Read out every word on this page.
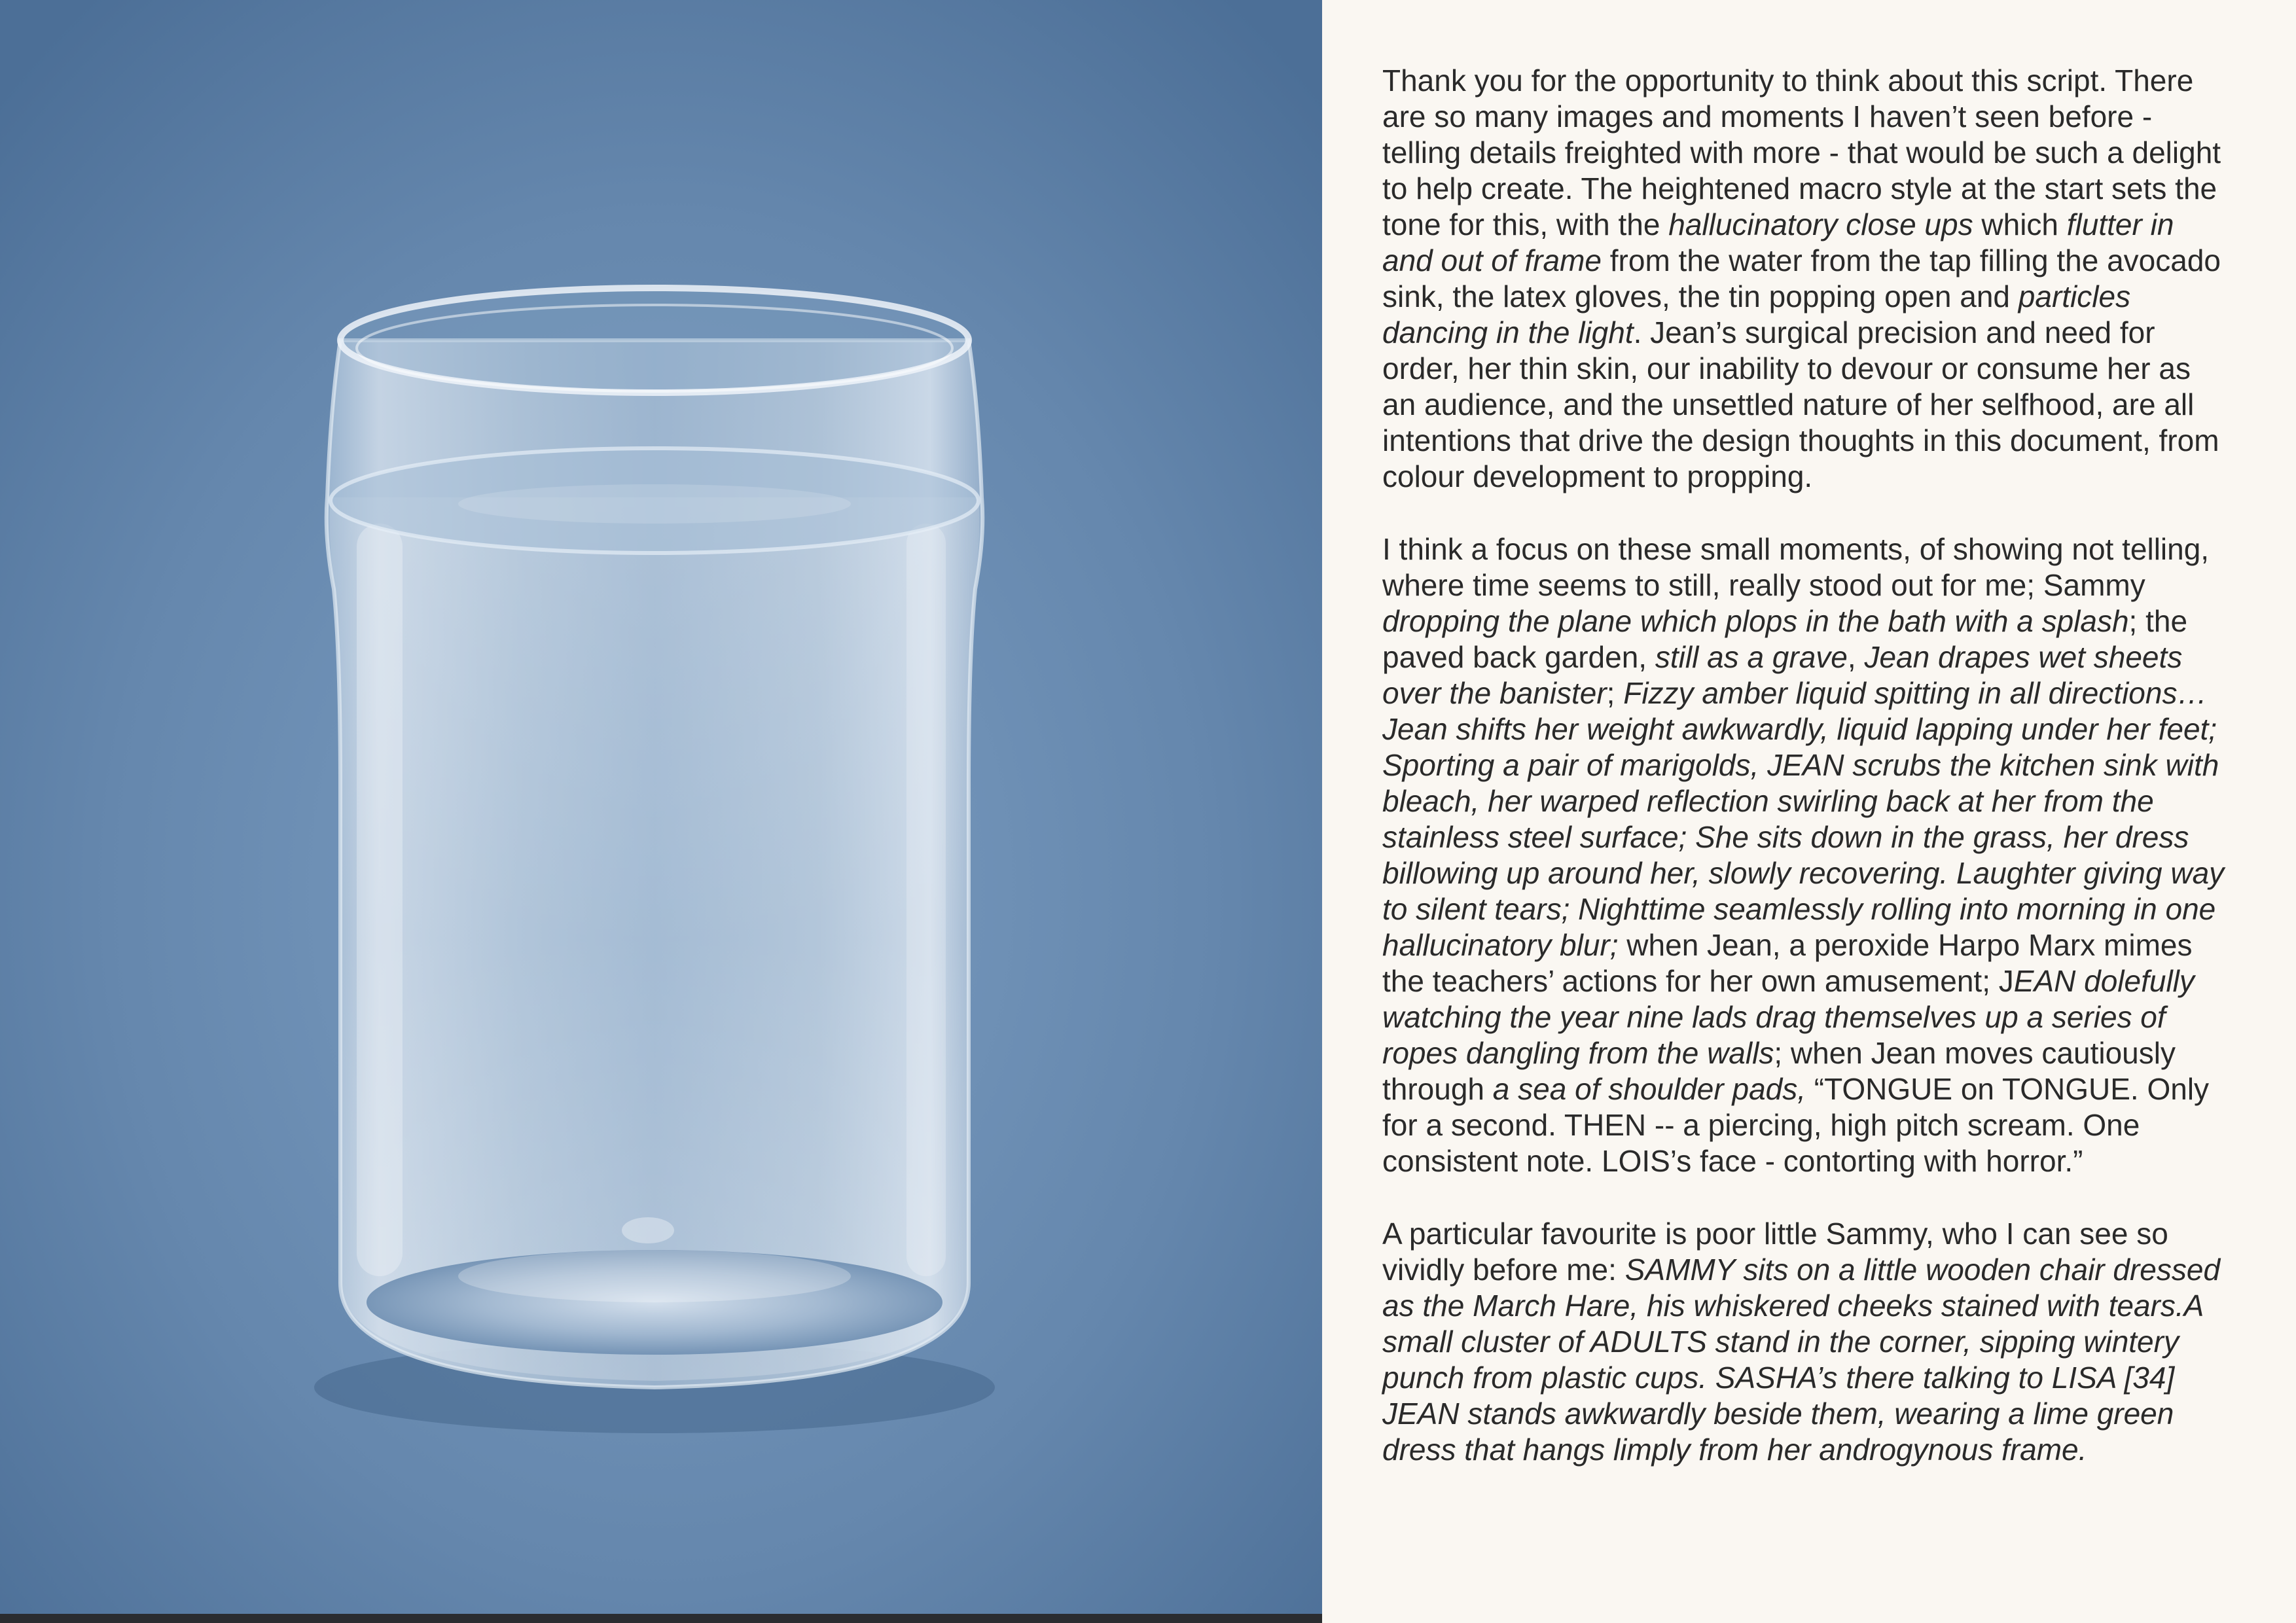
Thank you for the opportunity to think about this script. There are so many images and moments I haven’t seen before - telling details freighted with more - that would be such a delight to help create. The heightened macro style at the start sets the tone for this, with the hallucinatory close ups which flutter in and out of frame from the water from the tap filling the avocado sink, the latex gloves, the tin popping open and particles dancing in the light. Jean’s surgical precision and need for order, her thin skin, our inability to devour or consume her as an audience, and the unsettled nature of her selfhood, are all intentions that drive the design thoughts in this document, from colour development to propping.

I think a focus on these small moments, of showing not telling, where time seems to still, really stood out for me; Sammy dropping the plane which plops in the bath with a splash; the paved back garden, still as a grave, Jean drapes wet sheets over the banister; Fizzy amber liquid spitting in all directions… Jean shifts her weight awkwardly, liquid lapping under her feet; Sporting a pair of marigolds, JEAN scrubs the kitchen sink with bleach, her warped reflection swirling back at her from the stainless steel surface; She sits down in the grass, her dress billowing up around her, slowly recovering. Laughter giving way to silent tears; Nighttime seamlessly rolling into morning in one hallucinatory blur; when Jean, a peroxide Harpo Marx mimes the teachers’ actions for her own amusement; JEAN dolefully watching the year nine lads drag themselves up a series of ropes dangling from the walls; when Jean moves cautiously through a sea of shoulder pads, “TONGUE on TONGUE. Only for a second. THEN -- a piercing, high pitch scream. One consistent note. LOIS’s face - contorting with horror.”

A particular favourite is poor little Sammy, who I can see so vividly before me: SAMMY sits on a little wooden chair dressed as the March Hare, his whiskered cheeks stained with tears.A small cluster of ADULTS stand in the corner, sipping wintery punch from plastic cups. SASHA’s there talking to LISA [34] JEAN stands awkwardly beside them, wearing a lime green dress that hangs limply from her androgynous frame.
